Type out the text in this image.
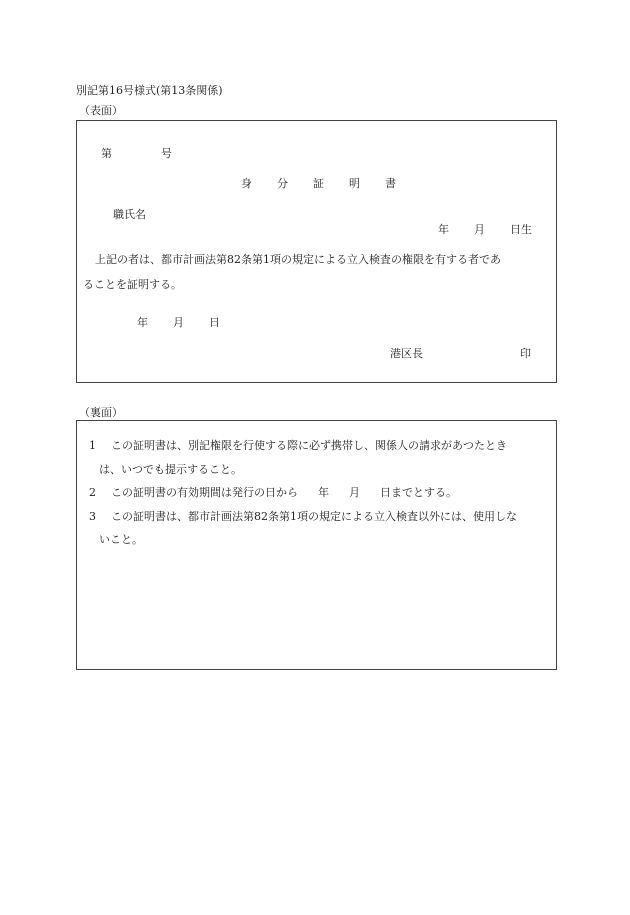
別記第16号様式(第13条関係)
（表面）
第	号
身 分 証 明 書
職氏名
年 月 日生
上記の者は、都市計画法第82条第1項の規定による立入検査の権限を有する者であ
ることを証明する。
年 月 日
港区長	印
（裏面）
1 この証明書は、別記権限を行使する際に必ず携帯し、関係人の請求があつたとき
は、いつでも提示すること。
2 この証明書の有効期間は発行の日から 年 月 日までとする。
3 この証明書は、都市計画法第82条第1項の規定による立入検査以外には、使用しな
いこと。
